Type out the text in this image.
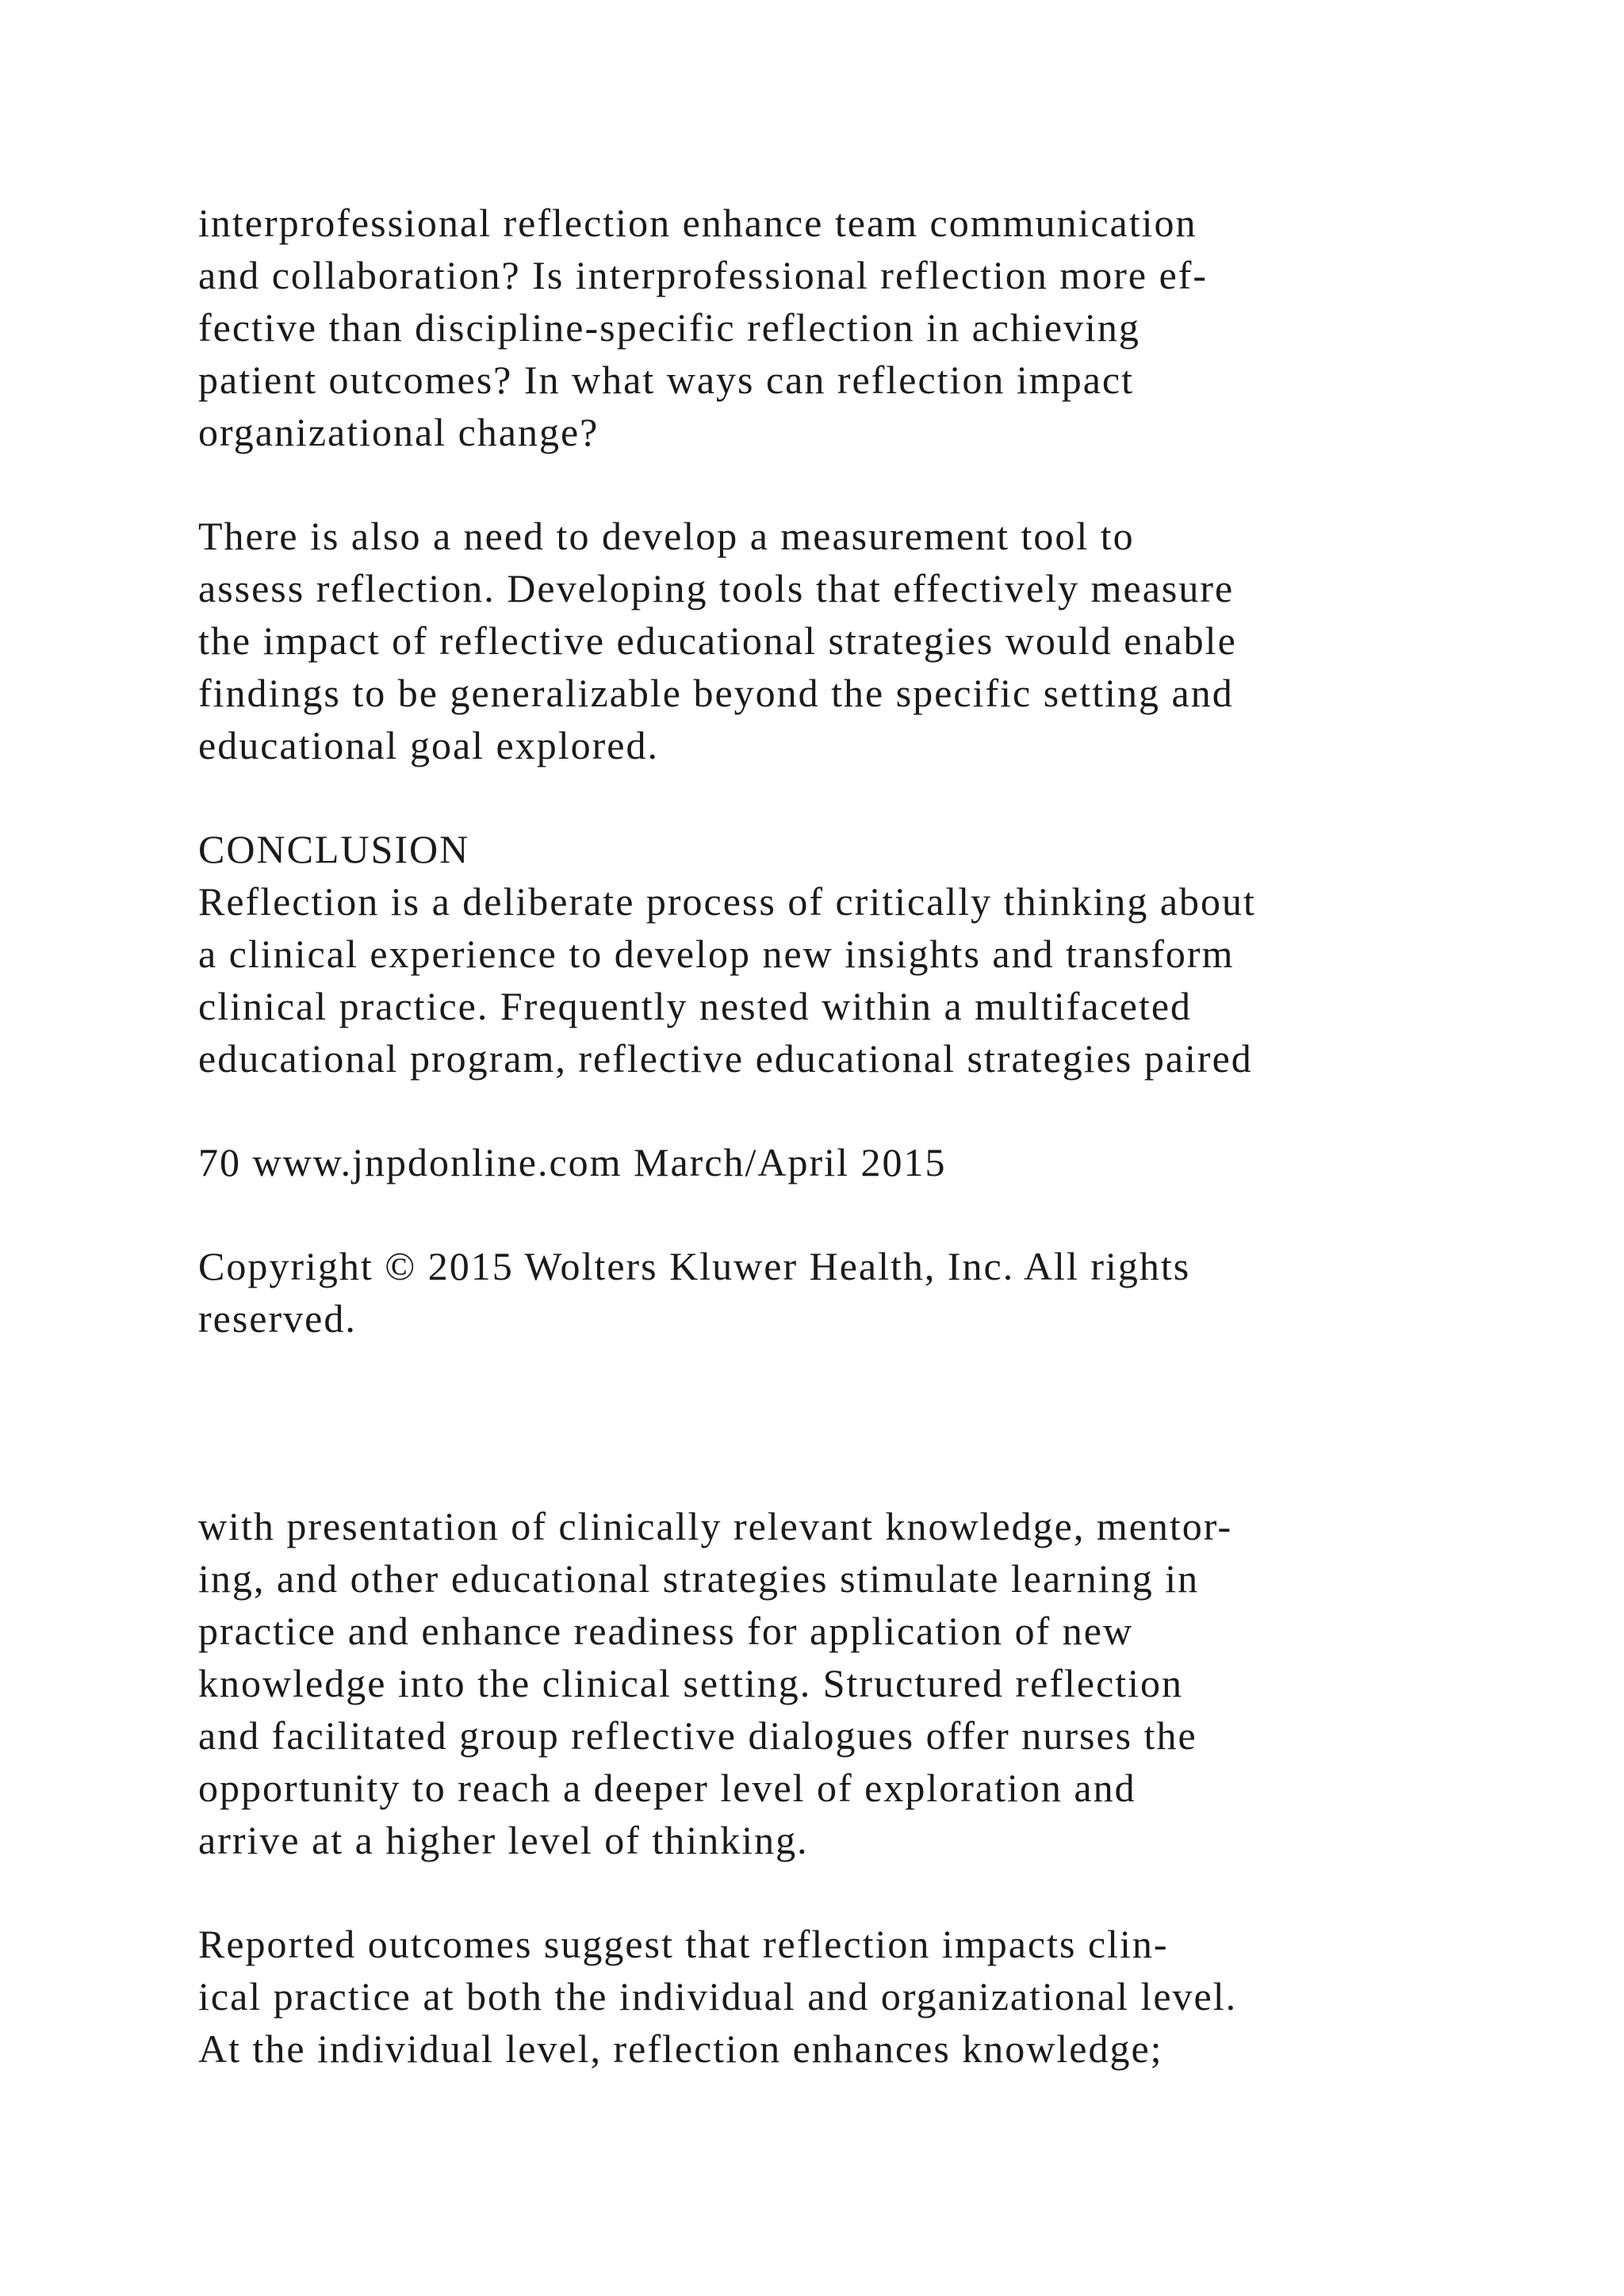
interprofessional reflection enhance team communication

and collaboration? Is interprofessional reflection more ef-

fective than discipline-specific reflection in achieving

patient outcomes? In what ways can reflection impact

organizational change?

There is also a need to develop a measurement tool to

assess reflection. Developing tools that effectively measure

the impact of reflective educational strategies would enable

findings to be generalizable beyond the specific setting and

educational goal explored.

CONCLUSION

Reflection is a deliberate process of critically thinking about

a clinical experience to develop new insights and transform

clinical practice. Frequently nested within a multifaceted

educational program, reflective educational strategies paired

70 www.jnpdonline.com March/April 2015

Copyright © 2015 Wolters Kluwer Health, Inc. All rights

reserved.

with presentation of clinically relevant knowledge, mentor-

ing, and other educational strategies stimulate learning in

practice and enhance readiness for application of new

knowledge into the clinical setting. Structured reflection

and facilitated group reflective dialogues offer nurses the

opportunity to reach a deeper level of exploration and

arrive at a higher level of thinking.

Reported outcomes suggest that reflection impacts clin-

ical practice at both the individual and organizational level.

At the individual level, reflection enhances knowledge;
